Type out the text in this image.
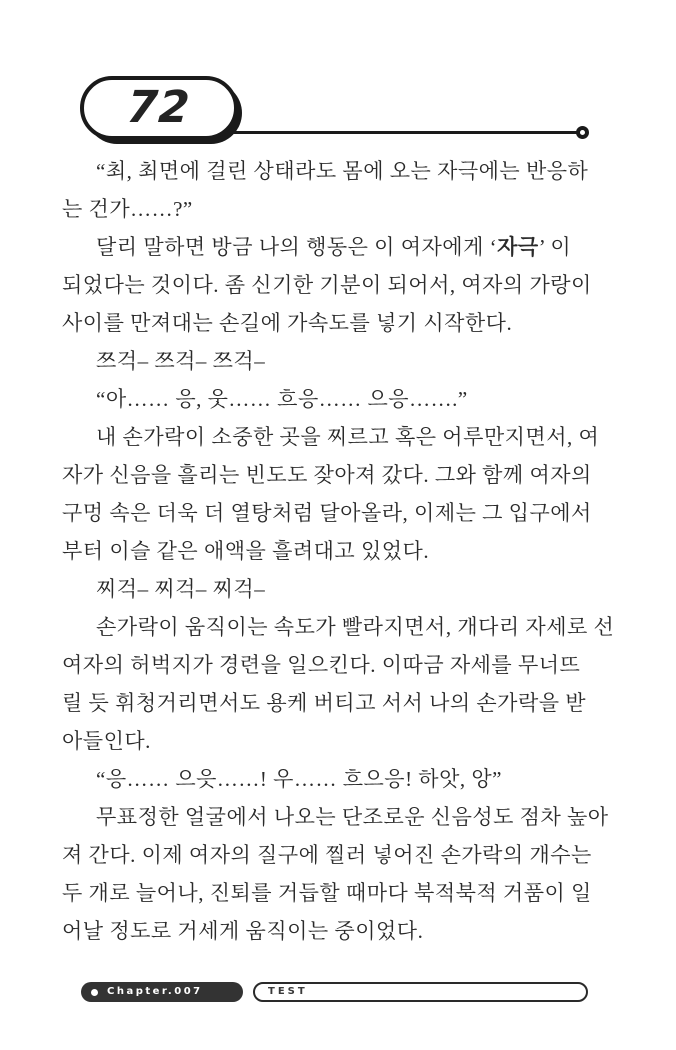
72
“최, 최면에 걸린 상태라도 몸에 오는 자극에는 반응하
는 건가……?”
달리 말하면 방금 나의 행동은 이 여자에게 ‘자극’ 이
되었다는 것이다. 좀 신기한 기분이 되어서, 여자의 가랑이
사이를 만져대는 손길에 가속도를 넣기 시작한다.
쯔걱– 쯔걱– 쯔걱–
“아…… 응, 웃…… 흐응…… 으응…….”
내 손가락이 소중한 곳을 찌르고 혹은 어루만지면서, 여
자가 신음을 흘리는 빈도도 잦아져 갔다. 그와 함께 여자의
구멍 속은 더욱 더 열탕처럼 달아올라, 이제는 그 입구에서
부터 이슬 같은 애액을 흘려대고 있었다.
찌걱– 찌걱– 찌걱–
손가락이 움직이는 속도가 빨라지면서, 개다리 자세로 선
여자의 허벅지가 경련을 일으킨다. 이따금 자세를 무너뜨
릴 듯 휘청거리면서도 용케 버티고 서서 나의 손가락을 받
아들인다.
“응…… 으읏……! 우…… 흐으응! 하앗, 앙”
무표정한 얼굴에서 나오는 단조로운 신음성도 점차 높아
져 간다. 이제 여자의 질구에 찔러 넣어진 손가락의 개수는
두 개로 늘어나, 진퇴를 거듭할 때마다 북적북적 거품이 일
어날 정도로 거세게 움직이는 중이었다.
Chapter.007	TEST
